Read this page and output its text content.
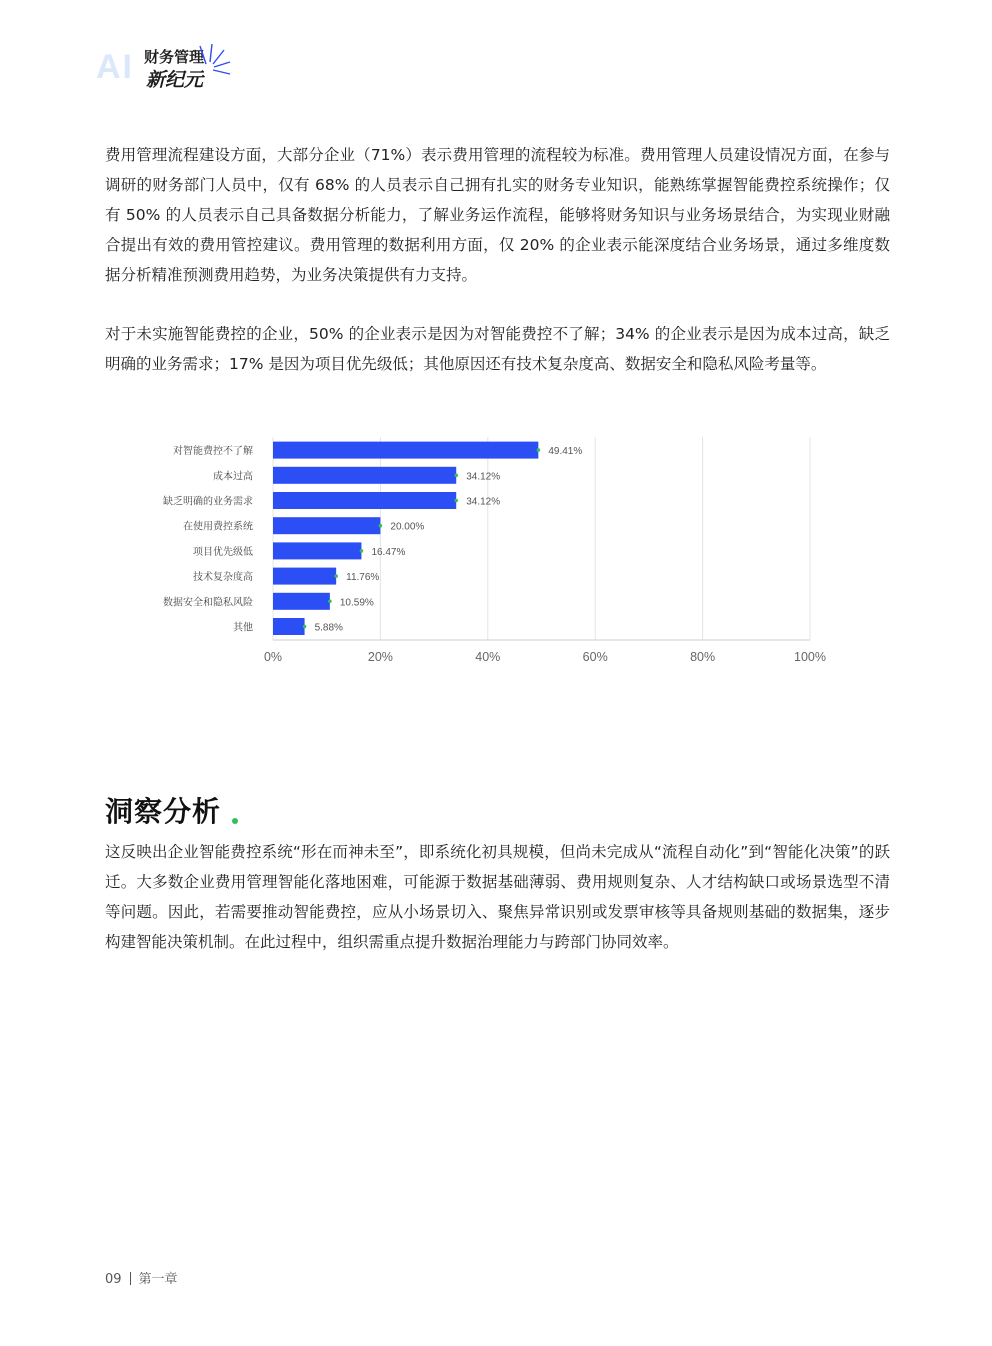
AI 财务管理
新纪元

费用管理流程建设方面，大部分企业（71%）表示费用管理的流程较为标准。费用管理人员建设情况方面，在参与调研的财务部门人员中，仅有 68% 的人员表示自己拥有扎实的财务专业知识，能熟练掌握智能费控系统操作；仅有 50% 的人员表示自己具备数据分析能力，了解业务运作流程，能够将财务知识与业务场景结合，为实现业财融合提出有效的费用管控建议。费用管理的数据利用方面，仅 20% 的企业表示能深度结合业务场景，通过多维度数据分析精准预测费用趋势，为业务决策提供有力支持。

对于未实施智能费控的企业，50% 的企业表示是因为对智能费控不了解；34% 的企业表示是因为成本过高，缺乏明确的业务需求；17% 是因为项目优先级低；其他原因还有技术复杂度高、数据安全和隐私风险考量等。

0%	20%	40%	60%	80%	100%
对智能费控不了解	49.41%
成本过高	34.12%
缺乏明确的业务需求	34.12%
在使用费控系统	20.00%
项目优先级低	16.47%
技术复杂度高	11.76%
数据安全和隐私风险	10.59%
其他	5.88%
洞察分析

这反映出企业智能费控系统“形在而神未至”，即系统化初具规模，但尚未完成从“流程自动化”到“智能化决策”的跃迁。大多数企业费用管理智能化落地困难，可能源于数据基础薄弱、费用规则复杂、人才结构缺口或场景选型不清等问题。因此，若需要推动智能费控，应从小场景切入、聚焦异常识别或发票审核等具备规则基础的数据集，逐步构建智能决策机制。在此过程中，组织需重点提升数据治理能力与跨部门协同效率。

09 第一章
